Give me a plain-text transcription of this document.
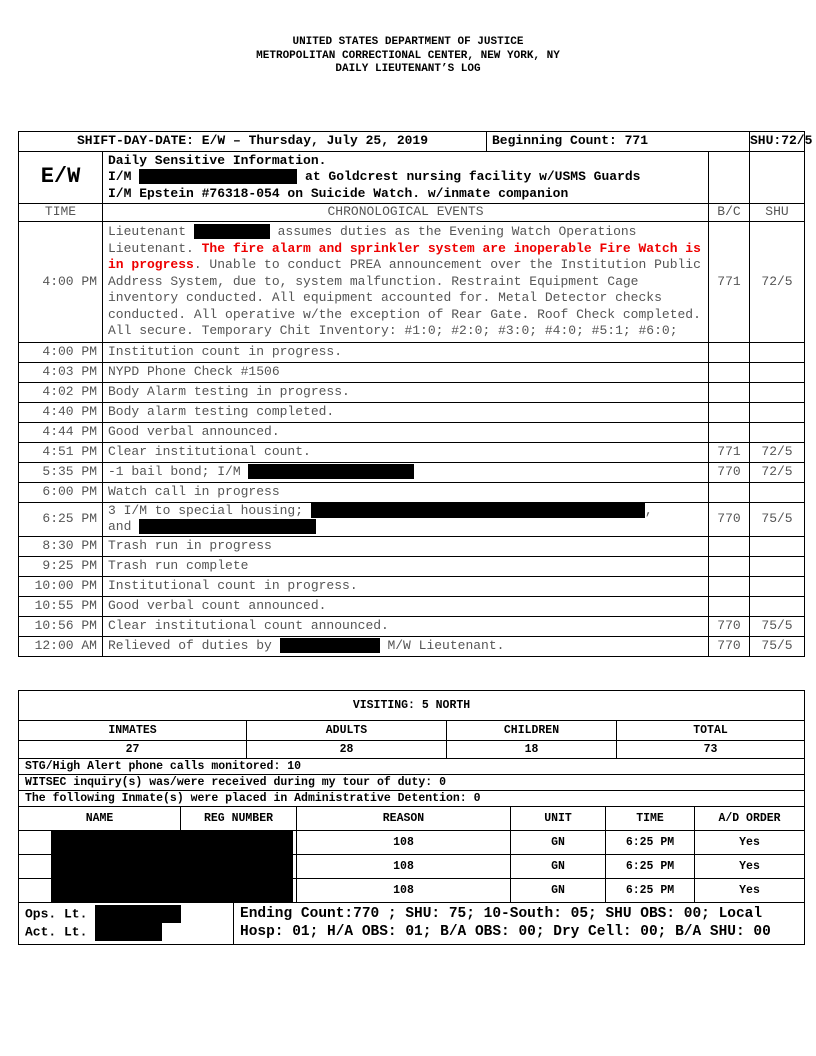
UNITED STATES DEPARTMENT OF JUSTICE
METROPOLITAN CORRECTIONAL CENTER, NEW YORK, NY
DAILY LIEUTENANT’S LOG
SHIFT-DAY-DATE: E/W – Thursday, July 25, 2019		Beginning Count: 771		SHU:72/5
E/W	Daily Sensitive Information.
I/M at Goldcrest nursing facility w/USMS Guards
I/M Epstein #76318-054 on Suicide Watch. w/inmate companion			

TIME	CHRONOLOGICAL EVENTS		B/C	SHU
4:00 PM	Lieutenant assumes duties as the Evening Watch Operations Lieutenant. The fire alarm and sprinkler system are inoperable Fire Watch is in progress. Unable to conduct PREA announcement over the Institution Public Address System, due to, system malfunction. Restraint Equipment Cage inventory conducted. All equipment accounted for. Metal Detector checks conducted. All operative w/the exception of Rear Gate. Roof Check completed. All secure. Temporary Chit Inventory: #1:0; #2:0; #3:0; #4:0; #5:1; #6:0;		771	72/5
4:00 PM	Institution count in progress.			
4:03 PM	NYPD Phone Check #1506			
4:02 PM	Body Alarm testing in progress.			
4:40 PM	Body alarm testing completed.			
4:44 PM	Good verbal announced.			
4:51 PM	Clear institutional count.		771	72/5
5:35 PM	-1 bail bond; I/M		770	72/5
6:00 PM	Watch call in progress			
6:25 PM	3 I/M to special housing; ,
and		770	75/5
8:30 PM	Trash run in progress			
9:25 PM	Trash run complete			
10:00 PM	Institutional count in progress.			
10:55 PM	Good verbal count announced.			
10:56 PM	Clear institutional count announced.		770	75/5
12:00 AM	Relieved of duties by M/W Lieutenant.		770	75/5
VISITING: 5 NORTH			
INMATES	ADULTS	CHILDREN	TOTAL
27	28	18	73
STG/High Alert phone calls monitored: 10			
WITSEC inquiry(s) was/were received during my tour of duty: 0			
The following Inmate(s) were placed in Administrative Detention: 0			
NAME	REG NUMBER	REASON	UNIT	TIME	A/D ORDER
		108	GN	6:25 PM	Yes
		108	GN	6:25 PM	Yes
		108	GN	6:25 PM	Yes
Ops. Lt.
Act. Lt.
	Ending Count:770 ; SHU: 75; 10-South: 05; SHU OBS: 00; Local Hosp: 01; H/A OBS: 01; B/A OBS: 00; Dry Cell: 00; B/A SHU: 00
